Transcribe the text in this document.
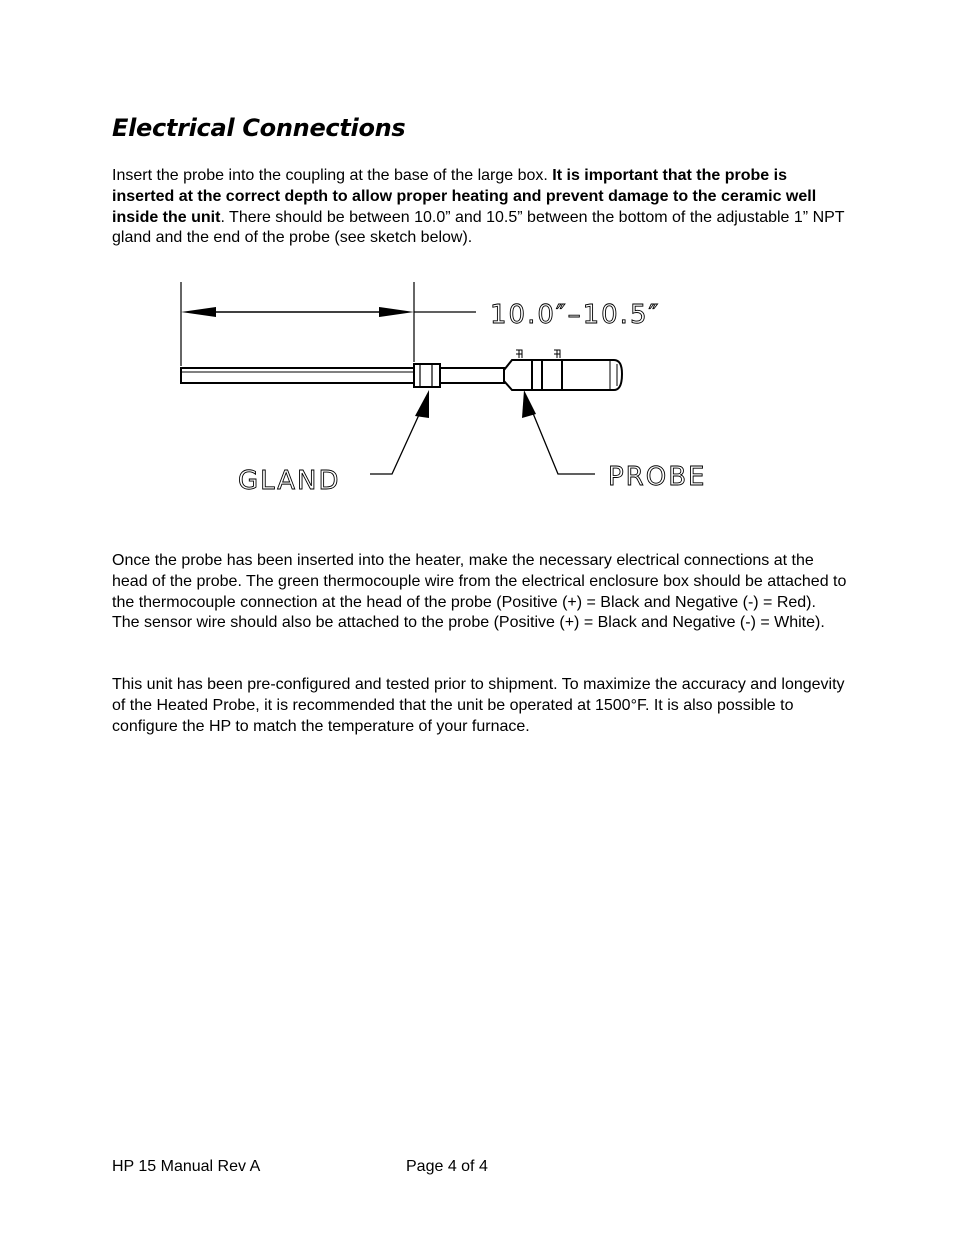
Electrical Connections

Insert the probe into the coupling at the base of the large box. It is important that the probe is inserted at the correct depth to allow proper heating and prevent damage to the ceramic well inside the unit. There should be between 10.0” and 10.5” between the bottom of the adjustable 1” NPT gland and the end of the probe (see sketch below).

10.0″–10.5″
GLAND	PROBE

Once the probe has been inserted into the heater, make the necessary electrical connections at the head of the probe. The green thermocouple wire from the electrical enclosure box should be attached to the thermocouple connection at the head of the probe (Positive (+) = Black and Negative (-) = Red). The sensor wire should also be attached to the probe (Positive (+) = Black and Negative (-) = White).

This unit has been pre-configured and tested prior to shipment. To maximize the accuracy and longevity of the Heated Probe, it is recommended that the unit be operated at 1500°F. It is also possible to configure the HP to match the temperature of your furnace.

HP 15 Manual Rev A	Page 4 of 4
